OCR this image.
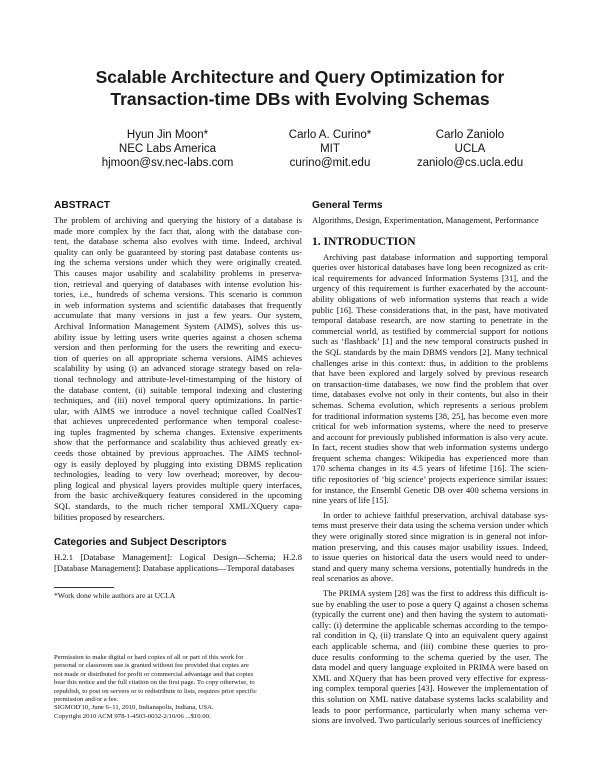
Scalable Architecture and Query Optimization for
Transaction-time DBs with Evolving Schemas
Hyun Jin Moon*
NEC Labs America
hjmoon@sv.nec-labs.com
Carlo A. Curino*
MIT
curino@mit.edu
Carlo Zaniolo
UCLA
zaniolo@cs.ucla.edu
ABSTRACT
The problem of archiving and querying the history of a database is
made more complex by the fact that, along with the database con-
tent, the database schema also evolves with time. Indeed, archival
quality can only be guaranteed by storing past database contents us-
ing the schema versions under which they were originally created.
This causes major usability and scalability problems in preserva-
tion, retrieval and querying of databases with intense evolution his-
tories, i.e., hundreds of schema versions. This scenario is common
in web information systems and scientific databases that frequently
accumulate that many versions in just a few years. Our system,
Archival Information Management System (AIMS), solves this us-
ability issue by letting users write queries against a chosen schema
version and then performing for the users the rewriting and execu-
tion of queries on all appropriate schema versions. AIMS achieves
scalability by using (i) an advanced storage strategy based on rela-
tional technology and attribute-level-timestamping of the history of
the database content, (ii) suitable temporal indexing and clustering
techniques, and (iii) novel temporal query optimizations. In partic-
ular, with AIMS we introduce a novel technique called CoalNesT
that achieves unprecedented performance when temporal coalesc-
ing tuples fragmented by schema changes. Extensive experiments
show that the performance and scalability thus achieved greatly ex-
ceeds those obtained by previous approaches. The AIMS technol-
ogy is easily deployed by plugging into existing DBMS replication
technologies, leading to very low overhead; moreover, by decou-
pling logical and physical layers provides multiple query interfaces,
from the basic archive&query features considered in the upcoming
SQL standards, to the much richer temporal XML/XQuery capa-
bilities proposed by researchers.
Categories and Subject Descriptors
H.2.1 [Database Management]: Logical Design—Schema; H.2.8
[Database Management]: Database applications—Temporal databases
*Work done while authors are at UCLA
Permission to make digital or hard copies of all or part of this work for
personal or classroom use is granted without fee provided that copies are
not made or distributed for profit or commercial advantage and that copies
bear this notice and the full citation on the first page. To copy otherwise, to
republish, to post on servers or to redistribute to lists, requires prior specific
permission and/or a fee.
SIGMOD'10, June 6–11, 2010, Indianapolis, Indiana, USA.
Copyright 2010 ACM 978-1-4503-0032-2/10/06 ...$10.00.
General Terms
Algorithms, Design, Experimentation, Management, Performance
1. INTRODUCTION
Archiving past database information and supporting temporal
queries over historical databases have long been recognized as crit-
ical requirements for advanced Information Systems [31], and the
urgency of this requirement is further exacerbated by the account-
ability obligations of web information systems that reach a wide
public [16]. These considerations that, in the past, have motivated
temporal database research, are now starting to penetrate in the
commercial world, as testified by commercial support for notions
such as ‘flashback’ [1] and the new temporal constructs pushed in
the SQL standards by the main DBMS vendors [2]. Many technical
challenges arise in this context: thus, in addition to the problems
that have been explored and largely solved by previous research
on transaction-time databases, we now find the problem that over
time, databases evolve not only in their contents, but also in their
schemas. Schema evolution, which represents a serious problem
for traditional information systems [38, 25], has become even more
critical for web information systems, where the need to preserve
and account for previously published information is also very acute.
In fact, recent studies show that web information systems undergo
frequent schema changes: Wikipedia has experienced more than
170 schema changes in its 4.5 years of lifetime [16]. The scien-
tific repositories of ‘big science’ projects experience similar issues:
for instance, the Ensembl Genetic DB over 400 schema versions in
nine years of life [15].
In order to achieve faithful preservation, archival database sys-
tems must preserve their data using the schema version under which
they were originally stored since migration is in general not infor-
mation preserving, and this causes major usability issues. Indeed,
to issue queries on historical data the users would need to under-
stand and query many schema versions, potentially hundreds in the
real scenarios as above.
The PRIMA system [28] was the first to address this difficult is-
sue by enabling the user to pose a query Q against a chosen schema
(typically the current one) and then having the system to automati-
cally: (i) determine the applicable schemas according to the tempo-
ral condition in Q, (ii) translate Q into an equivalent query against
each applicable schema, and (iii) combine these queries to pro-
duce results conforming to the schema queried by the user. The
data model and query language exploited in PRIMA were based on
XML and XQuery that has been proved very effective for express-
ing complex temporal queries [43]. However the implementation of
this solution on XML native database systems lacks scalability and
leads to poor performance, particularly when many schema ver-
sions are involved. Two particularly serious sources of inefficiency
